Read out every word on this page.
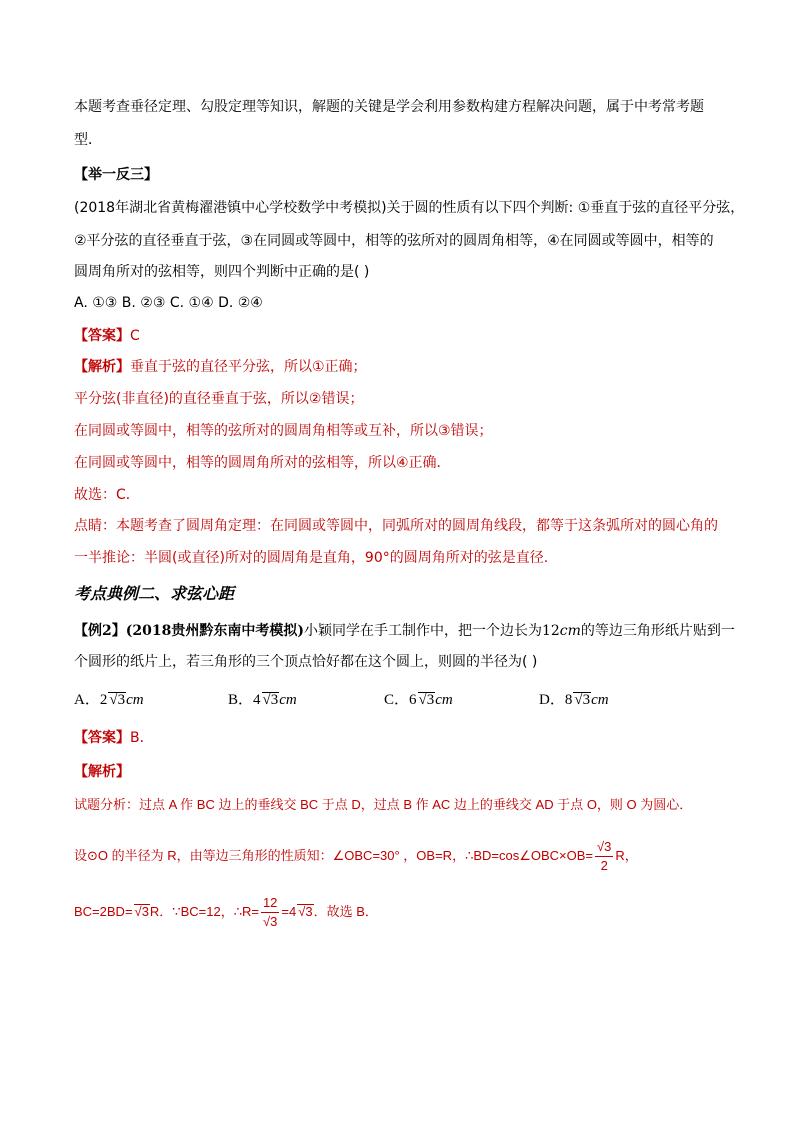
本题考查垂径定理、勾股定理等知识，解题的关键是学会利用参数构建方程解决问题，属于中考常考题
型．
【举一反三】
(2018年湖北省黄梅濯港镇中心学校数学中考模拟)关于圆的性质有以下四个判断: ①垂直于弦的直径平分弦，
②平分弦的直径垂直于弦，③在同圆或等圆中，相等的弦所对的圆周角相等，④在同圆或等圆中，相等的
圆周角所对的弦相等，则四个判断中正确的是( )
A. ①③ B. ②③ C. ①④ D. ②④
【答案】C
【解析】垂直于弦的直径平分弦，所以①正确；
平分弦(非直径)的直径垂直于弦，所以②错误；
在同圆或等圆中，相等的弦所对的圆周角相等或互补，所以③错误；
在同圆或等圆中，相等的圆周角所对的弦相等，所以④正确．
故选：C．
点睛：本题考查了圆周角定理：在同圆或等圆中，同弧所对的圆周角线段，都等于这条弧所对的圆心角的
一半推论：半圆(或直径)所对的圆周角是直角，90°的圆周角所对的弦是直径.
考点典例二、求弦心距
【例2】(2018贵州黔东南中考模拟)小颖同学在手工制作中，把一个边长为12cm的等边三角形纸片贴到一
个圆形的纸片上，若三角形的三个顶点恰好都在这个圆上，则圆的半径为( )
A．2 √3cm	B．4 √3cm	C．6 √3cm	D．8 √3cm
【答案】B．
【解析】
试题分析：过点 A 作 BC 边上的垂线交 BC 于点 D，过点 B 作 AC 边上的垂线交 AD 于点 O，则 O 为圆心．
设⊙O 的半径为 R，由等边三角形的性质知：∠OBC=30° ，OB=R，∴BD=cos∠OBC×OB= $\frac{√3}{2}$ R，
BC=2BD= √3R．∵BC=12，∴R= $\frac{12}{√3} =4$ √3．故选 B．
